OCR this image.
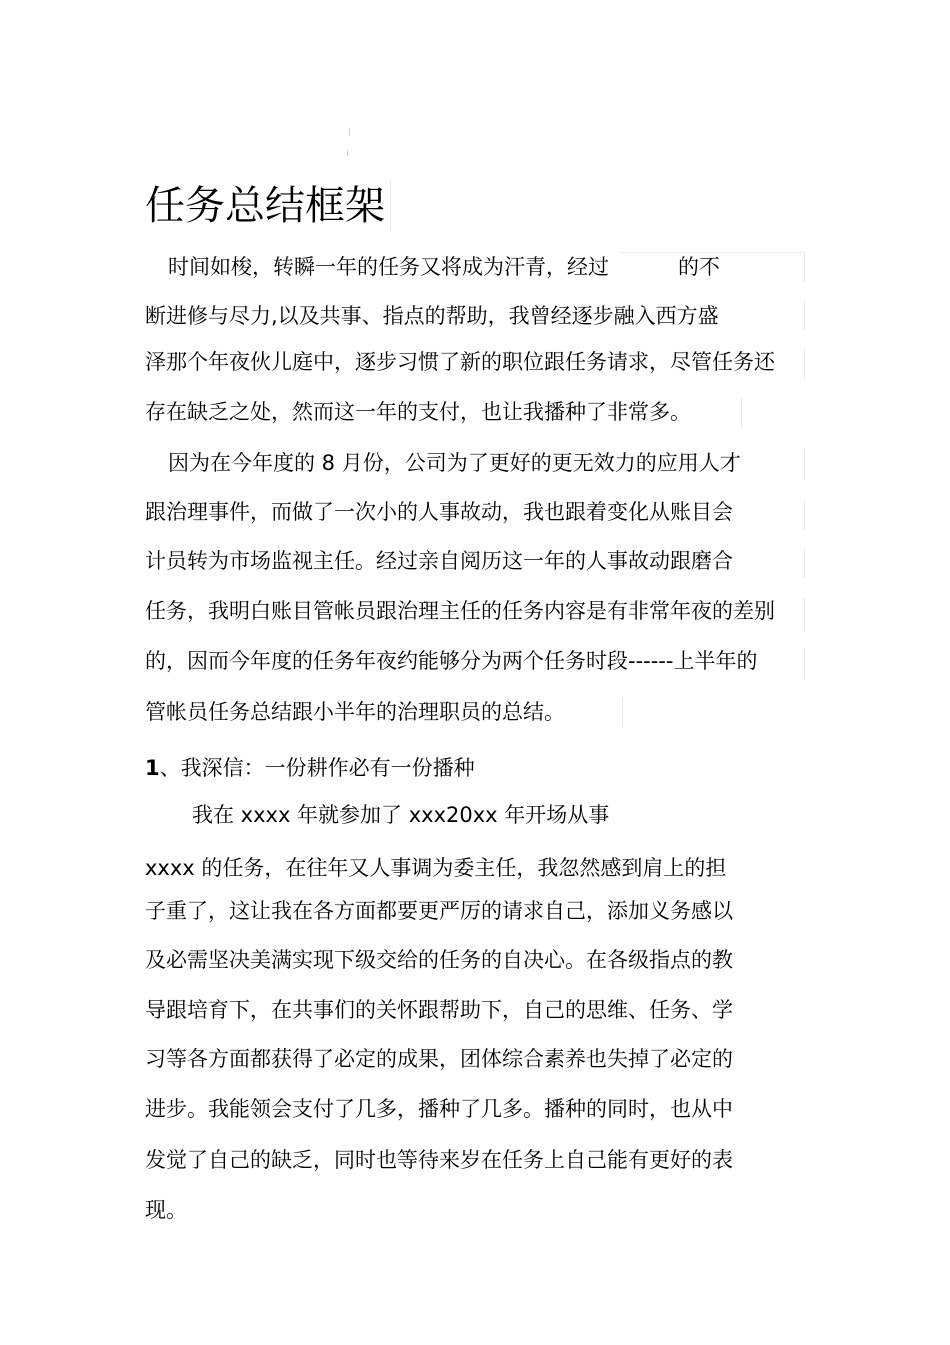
任务总结框架
时间如梭，转瞬一年的任务又将成为汗青，经过	的不
断进修与尽力,以及共事、指点的帮助，我曾经逐步融入西方盛
泽那个年夜伙儿庭中，逐步习惯了新的职位跟任务请求，尽管任务还
存在缺乏之处，然而这一年的支付，也让我播种了非常多。
因为在今年度的 8 月份，公司为了更好的更无效力的应用人才
跟治理事件，而做了一次小的人事故动，我也跟着变化从账目会
计员转为市场监视主任。经过亲自阅历这一年的人事故动跟磨合
任务，我明白账目管帐员跟治理主任的任务内容是有非常年夜的差别
的，因而今年度的任务年夜约能够分为两个任务时段------上半年的
管帐员任务总结跟小半年的治理职员的总结。
1、我深信：一份耕作必有一份播种
我在 xxxx 年就参加了 xxx20xx 年开场从事
xxxx 的任务，在往年又人事调为委主任，我忽然感到肩上的担
子重了，这让我在各方面都要更严厉的请求自己，添加义务感以
及必需坚决美满实现下级交给的任务的自决心。在各级指点的教
导跟培育下，在共事们的关怀跟帮助下，自己的思维、任务、学
习等各方面都获得了必定的成果，团体综合素养也失掉了必定的
进步。我能领会支付了几多，播种了几多。播种的同时，也从中
发觉了自己的缺乏，同时也等待来岁在任务上自己能有更好的表
现。
